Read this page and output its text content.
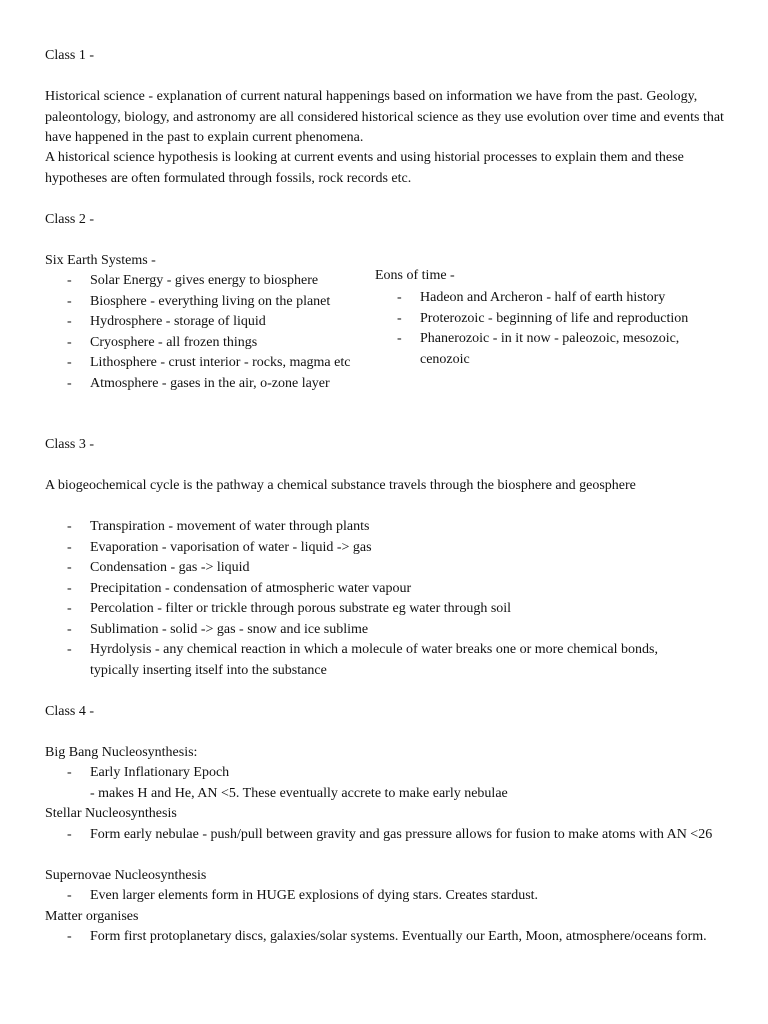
Class 1 -

Historical science - explanation of current natural happenings based on information we have from the past. Geology, paleontology, biology, and astronomy are all considered historical science as they use evolution over time and events that have happened in the past to explain current phenomena.

A historical science hypothesis is looking at current events and using historial processes to explain them and these hypotheses are often formulated through fossils, rock records etc.

Class 2 -

Six Earth Systems -

- Solar Energy - gives energy to biosphere
- Biosphere - everything living on the planet
- Hydrosphere - storage of liquid
- Cryosphere - all frozen things
- Lithosphere - crust interior - rocks, magma etc
- Atmosphere - gases in the air, o-zone layer

Eons of time -

- Hadeon and Archeron - half of earth history
- Proterozoic - beginning of life and reproduction
- Phanerozoic - in it now - paleozoic, mesozoic, cenozoic

Class 3 -

A biogeochemical cycle is the pathway a chemical substance travels through the biosphere and geosphere

- Transpiration - movement of water through plants
- Evaporation - vaporisation of water - liquid -> gas
- Condensation - gas -> liquid
- Precipitation - condensation of atmospheric water vapour
- Percolation - filter or trickle through porous substrate eg water through soil
- Sublimation - solid -> gas - snow and ice sublime
- Hyrdolysis - any chemical reaction in which a molecule of water breaks one or more chemical bonds, typically inserting itself into the substance

Class 4 -

Big Bang Nucleosynthesis:

- Early Inflationary Epoch

- makes H and He, AN <5. These eventually accrete to make early nebulae

Stellar Nucleosynthesis

- Form early nebulae - push/pull between gravity and gas pressure allows for fusion to make atoms with AN <26

Supernovae Nucleosynthesis

- Even larger elements form in HUGE explosions of dying stars. Creates stardust.

Matter organises

- Form first protoplanetary discs, galaxies/solar systems. Eventually our Earth, Moon, atmosphere/oceans form.
